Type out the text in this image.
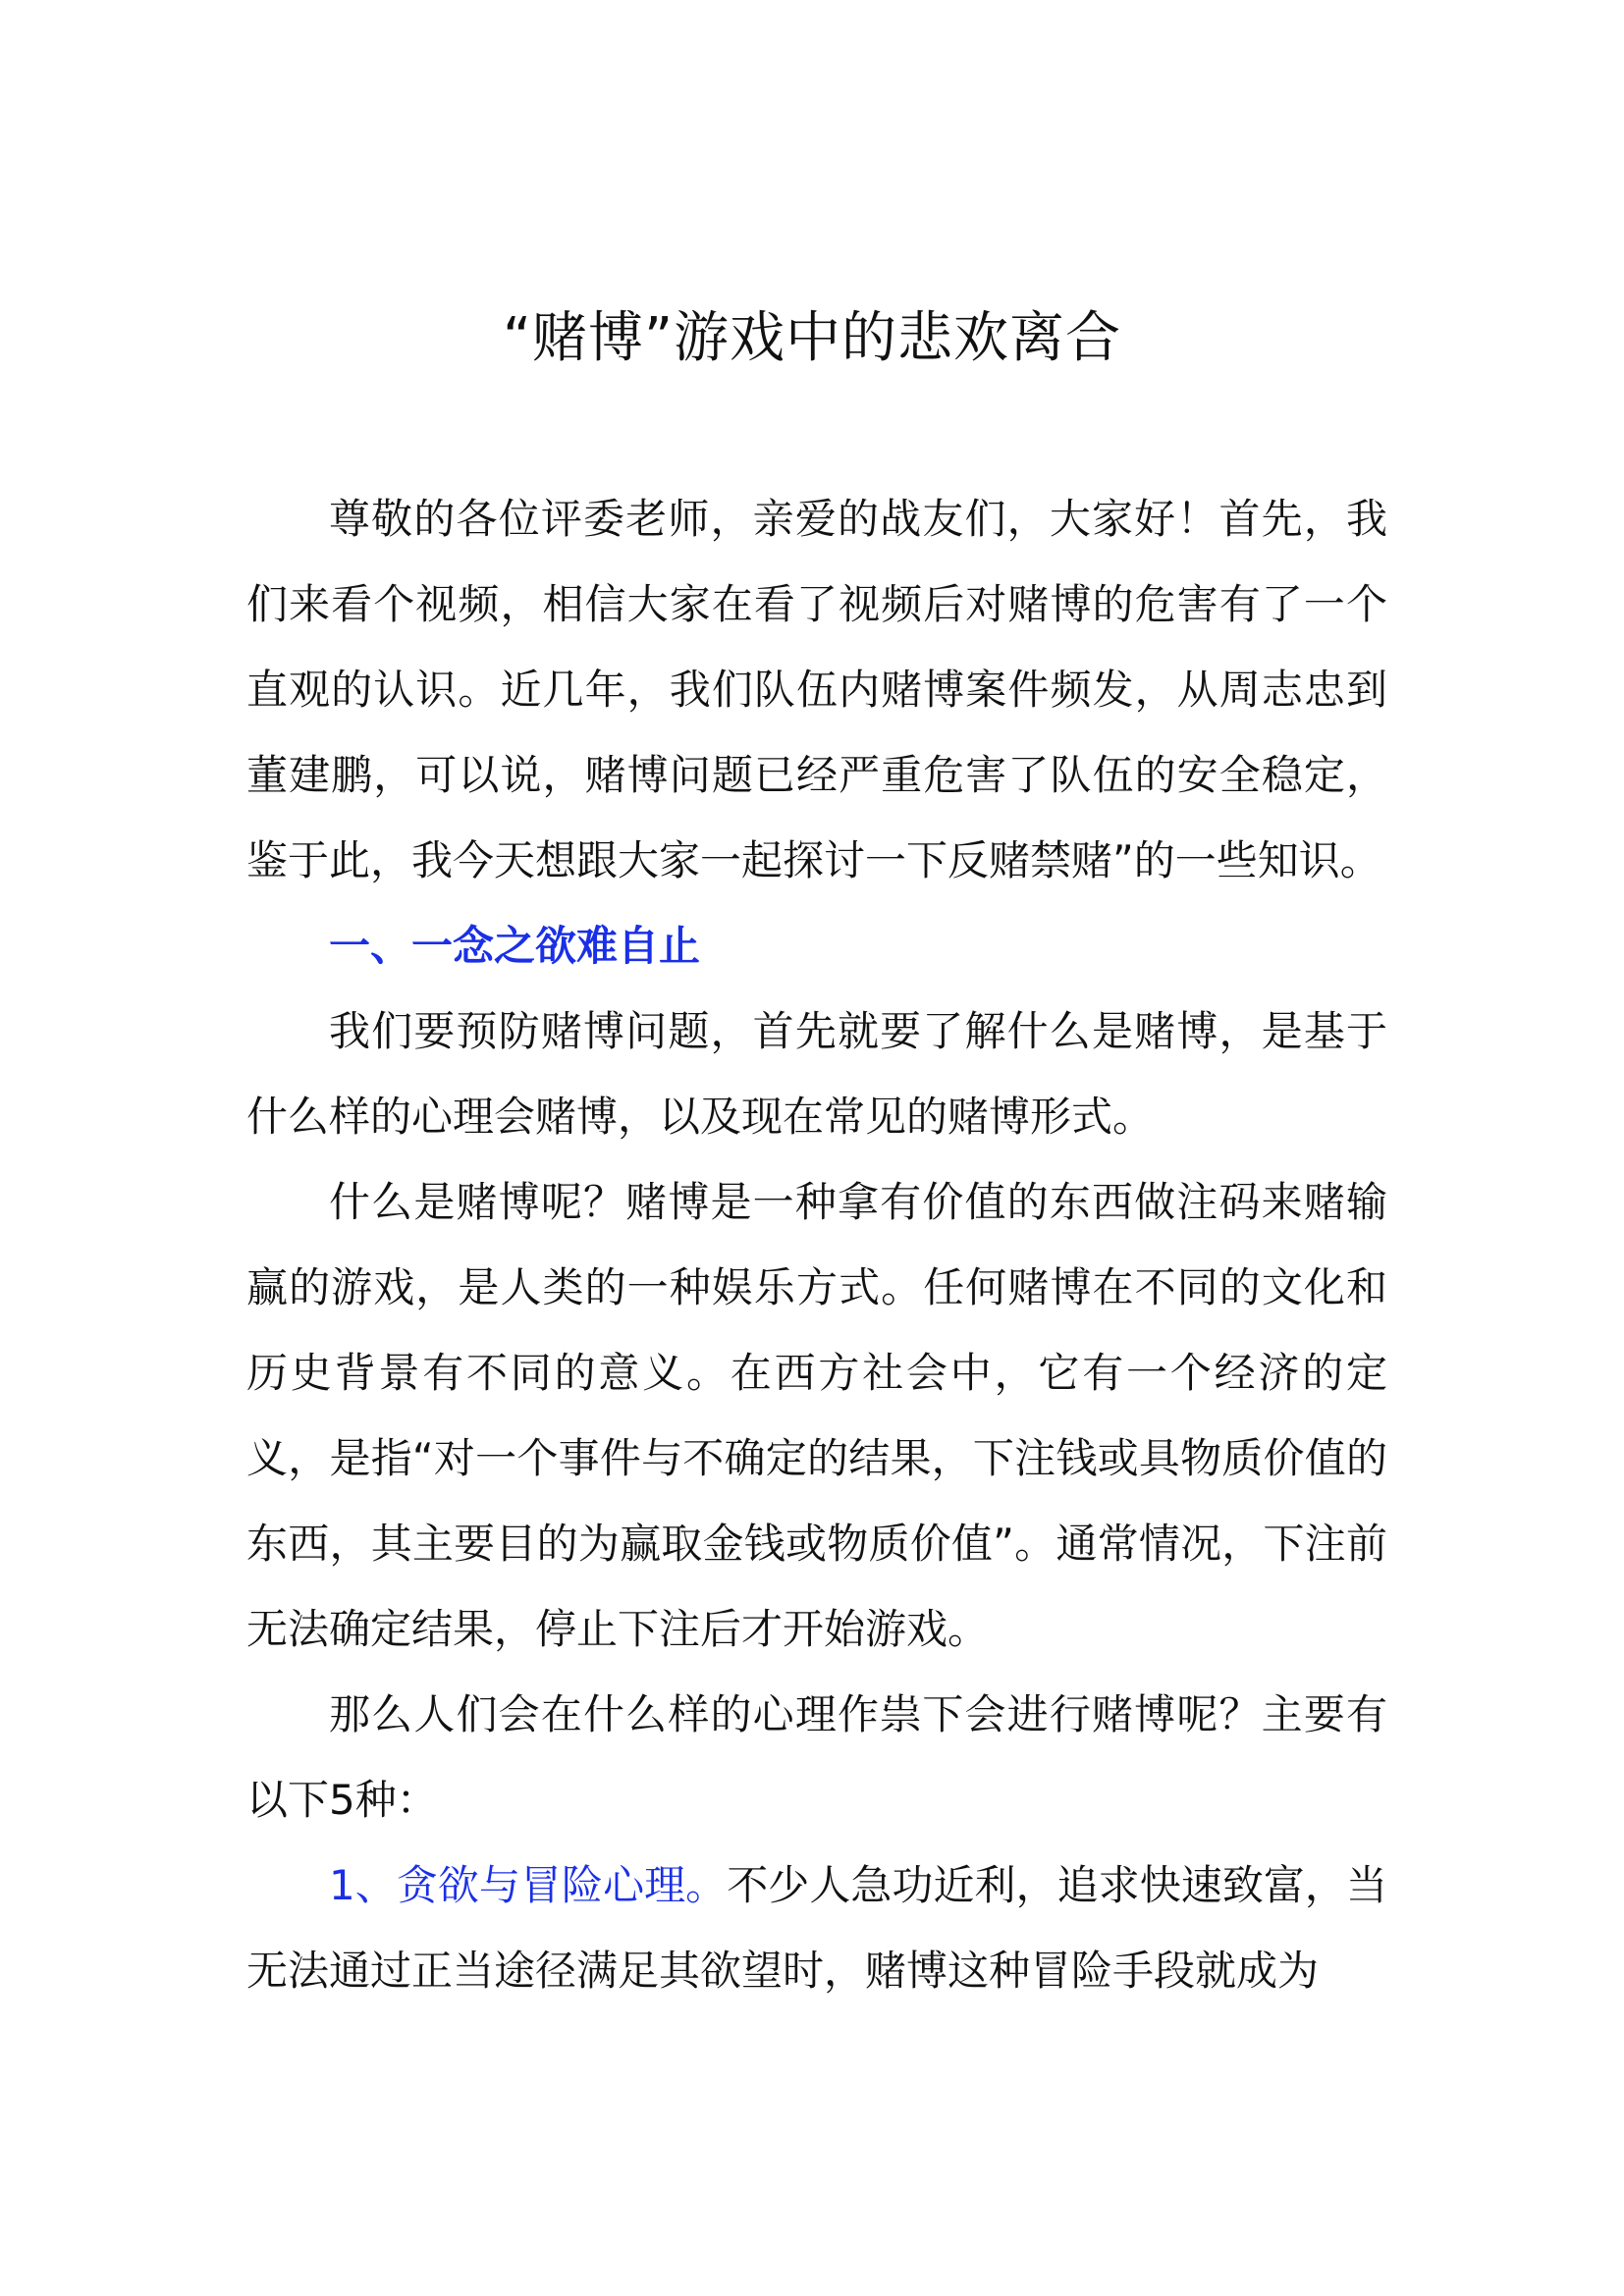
“赌博”游戏中的悲欢离合

尊敬的各位评委老师，亲爱的战友们，大家好！首先，我们来看个视频，相信大家在看了视频后对赌博的危害有了一个直观的认识。近几年，我们队伍内赌博案件频发，从周志忠到董建鹏，可以说，赌博问题已经严重危害了队伍的安全稳定，鉴于此，我今天想跟大家一起探讨一下反赌禁赌”的一些知识。

一、一念之欲难自止

我们要预防赌博问题，首先就要了解什么是赌博，是基于什么样的心理会赌博，以及现在常见的赌博形式。

什么是赌博呢？赌博是一种拿有价值的东西做注码来赌输赢的游戏，是人类的一种娱乐方式。任何赌博在不同的文化和历史背景有不同的意义。在西方社会中，它有一个经济的定义，是指“对一个事件与不确定的结果，下注钱或具物质价值的东西，其主要目的为赢取金钱或物质价值”。通常情况，下注前无法确定结果，停止下注后才开始游戏。

那么人们会在什么样的心理作祟下会进行赌博呢？主要有以下5种：

1、贪欲与冒险心理。不少人急功近利，追求快速致富，当无法通过正当途径满足其欲望时，赌博这种冒险手段就成为
